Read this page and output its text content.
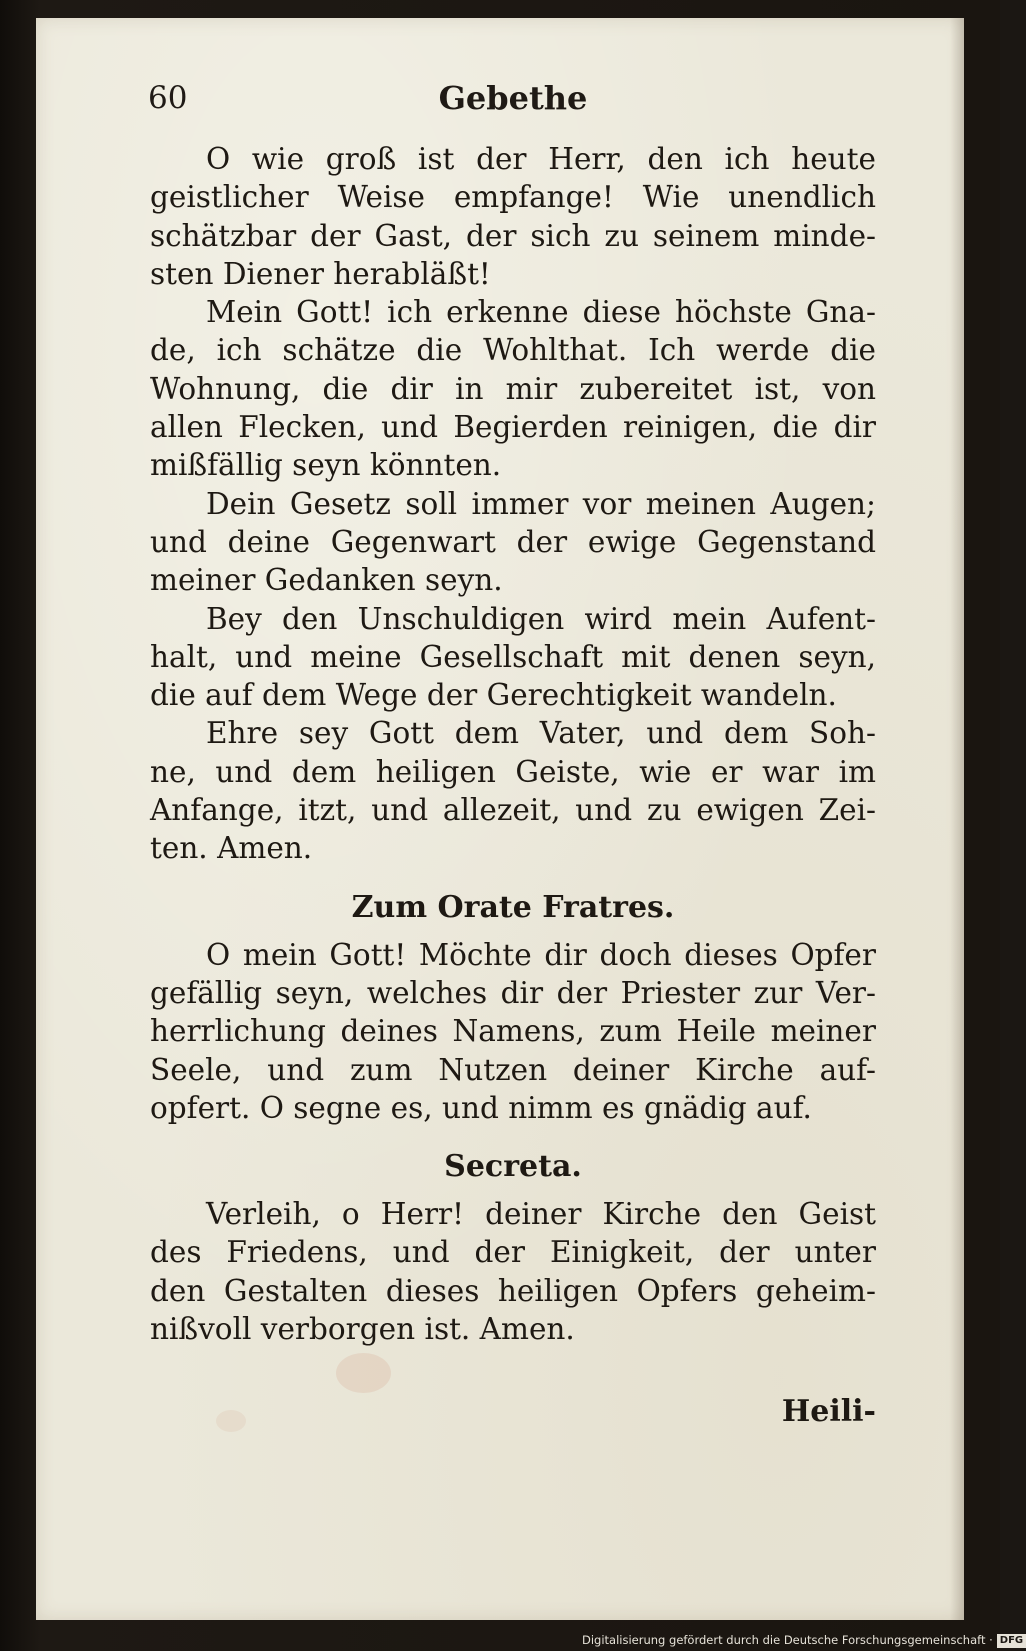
60	Gebethe
O wie groß ist der Herr, den ich heute
geistlicher Weise empfange! Wie unendlich
schätzbar der Gast, der sich zu seinem minde-
sten Diener herabläßt!
Mein Gott! ich erkenne diese höchste Gna-
de, ich schätze die Wohlthat. Ich werde die
Wohnung, die dir in mir zubereitet ist, von
allen Flecken, und Begierden reinigen, die dir
mißfällig seyn könnten.
Dein Gesetz soll immer vor meinen Augen;
und deine Gegenwart der ewige Gegenstand
meiner Gedanken seyn.
Bey den Unschuldigen wird mein Aufent-
halt, und meine Gesellschaft mit denen seyn,
die auf dem Wege der Gerechtigkeit wandeln.
Ehre sey Gott dem Vater, und dem Soh-
ne, und dem heiligen Geiste, wie er war im
Anfange, itzt, und allezeit, und zu ewigen Zei-
ten. Amen.
Zum Orate Fratres.
O mein Gott! Möchte dir doch dieses Opfer
gefällig seyn, welches dir der Priester zur Ver-
herrlichung deines Namens, zum Heile meiner
Seele, und zum Nutzen deiner Kirche auf-
opfert. O segne es, und nimm es gnädig auf.
Secreta.
Verleih, o Herr! deiner Kirche den Geist
des Friedens, und der Einigkeit, der unter
den Gestalten dieses heiligen Opfers geheim-
nißvoll verborgen ist. Amen.
Heili-
Digitalisierung gefördert durch die Deutsche Forschungsgemeinschaft · DFG
